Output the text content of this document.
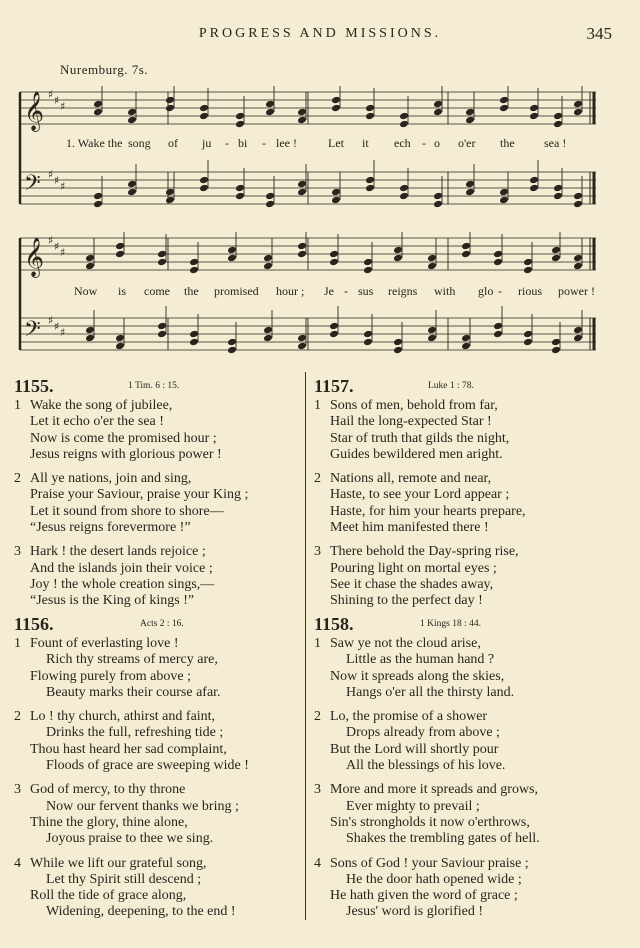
PROGRESS AND MISSIONS.	345
Nuremburg. 7s.
𝄞 ♯ ♯ ♯
𝄢 ♯ ♯ ♯
1. Wake the song of ju - bi - lee !	Let it ech - o o'er the sea !
𝄞 ♯ ♯ ♯
𝄢 ♯ ♯ ♯
Now is come the promised hour ; Je - sus reigns with glo - rious power !
1155.	1 Tim. 6 : 15.
1 Wake the song of jubilee,
Let it echo o'er the sea !
Now is come the promised hour ;
Jesus reigns with glorious power !
2 All ye nations, join and sing,
Praise your Saviour, praise your King ;
Let it sound from shore to shore—
“Jesus reigns forevermore !”
3 Hark ! the desert lands rejoice ;
And the islands join their voice ;
Joy ! the whole creation sings,—
“Jesus is the King of kings !”
1156.	Acts 2 : 16.
1 Fount of everlasting love !
Rich thy streams of mercy are,
Flowing purely from above ;
Beauty marks their course afar.
2 Lo ! thy church, athirst and faint,
Drinks the full, refreshing tide ;
Thou hast heard her sad complaint,
Floods of grace are sweeping wide !
3 God of mercy, to thy throne
Now our fervent thanks we bring ;
Thine the glory, thine alone,
Joyous praise to thee we sing.
4 While we lift our grateful song,
Let thy Spirit still descend ;
Roll the tide of grace along,
Widening, deepening, to the end !
1157.	Luke 1 : 78.
1 Sons of men, behold from far,
Hail the long-expected Star !
Star of truth that gilds the night,
Guides bewildered men aright.
2 Nations all, remote and near,
Haste, to see your Lord appear ;
Haste, for him your hearts prepare,
Meet him manifested there !
3 There behold the Day-spring rise,
Pouring light on mortal eyes ;
See it chase the shades away,
Shining to the perfect day !
1158.	1 Kings 18 : 44.
1 Saw ye not the cloud arise,
Little as the human hand ?
Now it spreads along the skies,
Hangs o'er all the thirsty land.
2 Lo, the promise of a shower
Drops already from above ;
But the Lord will shortly pour
All the blessings of his love.
3 More and more it spreads and grows,
Ever mighty to prevail ;
Sin's strongholds it now o'erthrows,
Shakes the trembling gates of hell.
4 Sons of God ! your Saviour praise ;
He the door hath opened wide ;
He hath given the word of grace ;
Jesus' word is glorified !
